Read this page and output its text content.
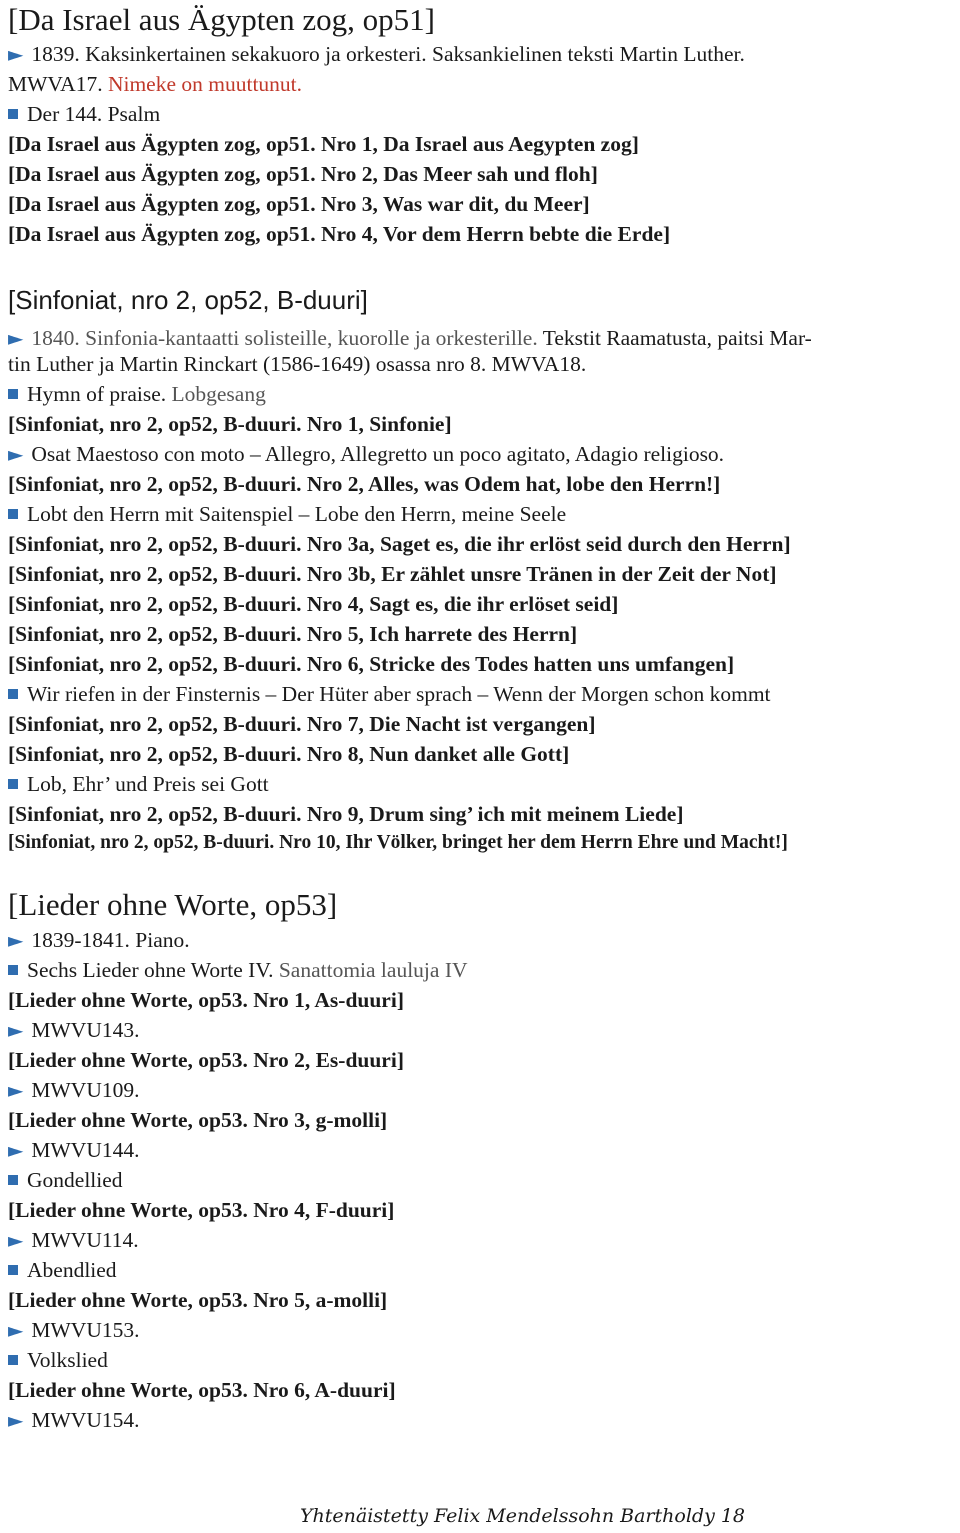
[Da Israel aus Ägypten zog, op51]
► 1839. Kaksinkertainen sekakuoro ja orkesteri. Saksankielinen teksti Martin Luther.
MWVA17. Nimeke on muuttunut.
Der 144. Psalm
[Da Israel aus Ägypten zog, op51. Nro 1, Da Israel aus Aegypten zog]
[Da Israel aus Ägypten zog, op51. Nro 2, Das Meer sah und floh]
[Da Israel aus Ägypten zog, op51. Nro 3, Was war dit, du Meer]
[Da Israel aus Ägypten zog, op51. Nro 4, Vor dem Herrn bebte die Erde]
[Sinfoniat, nro 2, op52, B-duuri]
► 1840. Sinfonia-kantaatti solisteille, kuorolle ja orkesterille. Tekstit Raamatusta, paitsi Mar-
tin Luther ja Martin Rinckart (1586-1649) osassa nro 8. MWVA18.
Hymn of praise. Lobgesang
[Sinfoniat, nro 2, op52, B-duuri. Nro 1, Sinfonie]
► Osat Maestoso con moto – Allegro, Allegretto un poco agitato, Adagio religioso.
[Sinfoniat, nro 2, op52, B-duuri. Nro 2, Alles, was Odem hat, lobe den Herrn!]
Lobt den Herrn mit Saitenspiel – Lobe den Herrn, meine Seele
[Sinfoniat, nro 2, op52, B-duuri. Nro 3a, Saget es, die ihr erlöst seid durch den Herrn]
[Sinfoniat, nro 2, op52, B-duuri. Nro 3b, Er zählet unsre Tränen in der Zeit der Not]
[Sinfoniat, nro 2, op52, B-duuri. Nro 4, Sagt es, die ihr erlöset seid]
[Sinfoniat, nro 2, op52, B-duuri. Nro 5, Ich harrete des Herrn]
[Sinfoniat, nro 2, op52, B-duuri. Nro 6, Stricke des Todes hatten uns umfangen]
Wir riefen in der Finsternis – Der Hüter aber sprach – Wenn der Morgen schon kommt
[Sinfoniat, nro 2, op52, B-duuri. Nro 7, Die Nacht ist vergangen]
[Sinfoniat, nro 2, op52, B-duuri. Nro 8, Nun danket alle Gott]
Lob, Ehr’ und Preis sei Gott
[Sinfoniat, nro 2, op52, B-duuri. Nro 9, Drum sing’ ich mit meinem Liede]
[Sinfoniat, nro 2, op52, B-duuri. Nro 10, Ihr Völker, bringet her dem Herrn Ehre und Macht!]
[Lieder ohne Worte, op53]
► 1839-1841. Piano.
Sechs Lieder ohne Worte IV. Sanattomia lauluja IV
[Lieder ohne Worte, op53. Nro 1, As-duuri]
► MWVU143.
[Lieder ohne Worte, op53. Nro 2, Es-duuri]
► MWVU109.
[Lieder ohne Worte, op53. Nro 3, g-molli]
► MWVU144.
Gondellied
[Lieder ohne Worte, op53. Nro 4, F-duuri]
► MWVU114.
Abendlied
[Lieder ohne Worte, op53. Nro 5, a-molli]
► MWVU153.
Volkslied
[Lieder ohne Worte, op53. Nro 6, A-duuri]
► MWVU154.
Yhtenäistetty Felix Mendelssohn Bartholdy 18
